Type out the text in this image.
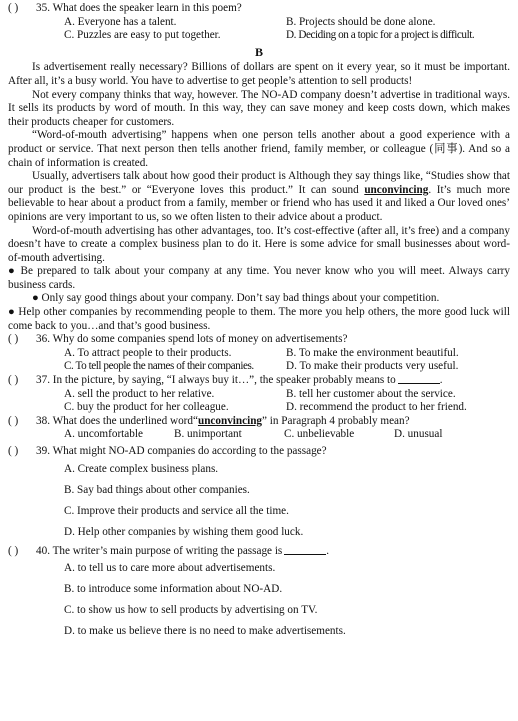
( )	35. What does the speaker learn in this poem?
A. Everyone has a talent.	B. Projects should be done alone.
C. Puzzles are easy to put together.	D. Deciding on a topic for a project is difficult.
B

Is advertisement really necessary? Billions of dollars are spent on it every year, so it must be important. After all, it’s a busy world. You have to advertise to get people’s attention to sell products!

Not every company thinks that way, however. The NO-AD company doesn’t advertise in traditional ways. It sells its products by word of mouth. In this way, they can save money and keep costs down, which makes their products cheaper for customers.

“Word-of-mouth advertising” happens when one person tells another about a good experience with a product or service. That next person then tells another friend, family member, or colleague (同事). And so a chain of information is created.

Usually, advertisers talk about how good their product is Although they say things like, “Studies show that our product is the best.” or “Everyone loves this product.” It can sound unconvincing. It’s much more believable to hear about a product from a family, member or friend who has used it and liked a Our loved ones’ opinions are very important to us, so we often listen to their advice about a product.

Word-of-mouth advertising has other advantages, too. It’s cost-effective (after all, it’s free) and a company doesn’t have to create a complex business plan to do it. Here is some advice for small businesses about word-of-mouth advertising.

● Be prepared to talk about your company at any time. You never know who you will meet. Always carry business cards.

● Only say good things about your company. Don’t say bad things about your competition.

● Help other companies by recommending people to them. The more you help others, the more good luck will come back to you…and that’s good business.

( )	36. Why do some companies spend lots of money on advertisements?
A. To attract people to their products.	B. To make the environment beautiful.
C. To tell people the names of their companies.	D. To make their products very useful.
( )	37. In the picture, by saying, “I always buy it…”, the speaker probably means to	.
A. sell the product to her relative.	B. tell her customer about the service.
C. buy the product for her colleague.	D. recommend the product to her friend.
( )	38. What does the underlined word“unconvincing” in Paragraph 4 probably mean?
A. uncomfortable	B. unimportant	C. unbelievable	D. unusual
( )	39. What might NO-AD companies do according to the passage?
A. Create complex business plans.
B. Say bad things about other companies.
C. Improve their products and service all the time.
D. Help other companies by wishing them good luck.
( )	40. The writer’s main purpose of writing the passage is	.
A. to tell us to care more about advertisements.
B. to introduce some information about NO-AD.
C. to show us how to sell products by advertising on TV.
D. to make us believe there is no need to make advertisements.
